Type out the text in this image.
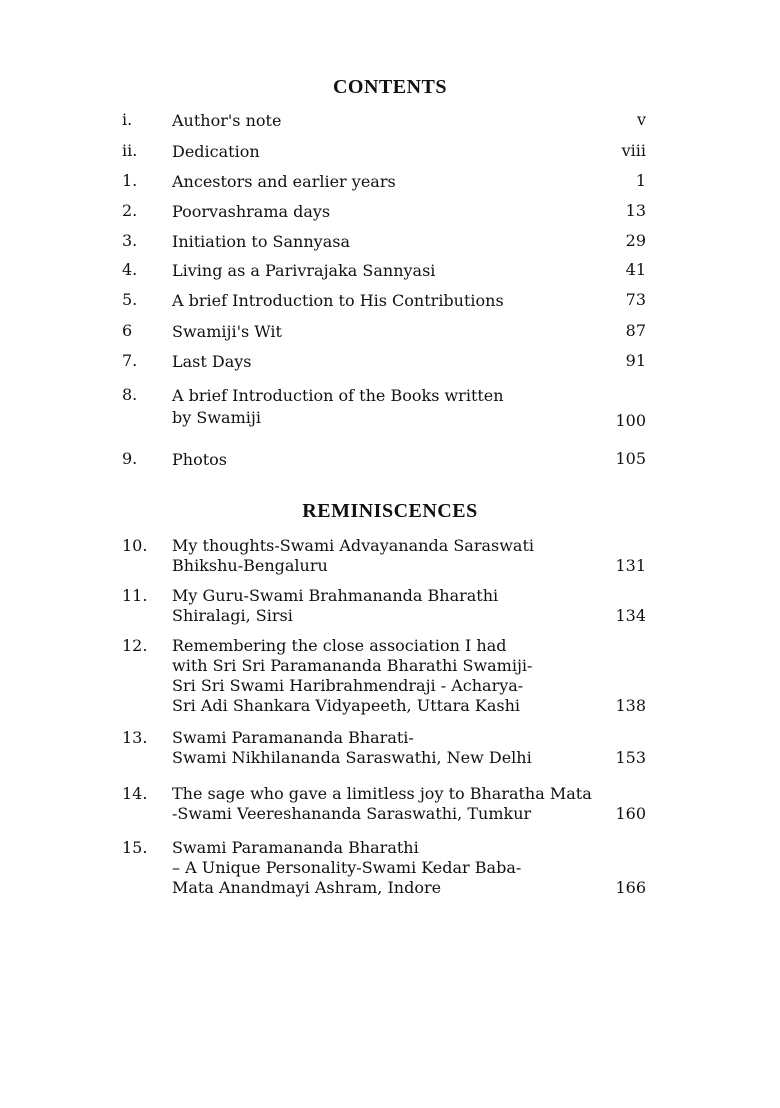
CONTENTS
i. Author's note	v
ii. Dedication	viii
1. Ancestors and earlier years	1
2. Poorvashrama days	13
3. Initiation to Sannyasa	29
4. Living as a Parivrajaka Sannyasi	41
5. A brief Introduction to His Contributions	73
6 Swamiji's Wit	87
7. Last Days	91
8. A brief Introduction of the Books written
by Swamiji	100
9. Photos	105
REMINISCENCES
10. My thoughts-Swami Advayananda Saraswati
Bhikshu-Bengaluru	131
11. My Guru-Swami Brahmananda Bharathi
Shiralagi, Sirsi	134
12. Remembering the close association I had
with Sri Sri Paramananda Bharathi Swamiji-
Sri Sri Swami Haribrahmendraji - Acharya-
Sri Adi Shankara Vidyapeeth, Uttara Kashi	138
13. Swami Paramananda Bharati-
Swami Nikhilananda Saraswathi, New Delhi	153
14. The sage who gave a limitless joy to Bharatha Mata
-Swami Veereshananda Saraswathi, Tumkur	160
15. Swami Paramananda Bharathi
– A Unique Personality-Swami Kedar Baba-
Mata Anandmayi Ashram, Indore	166
